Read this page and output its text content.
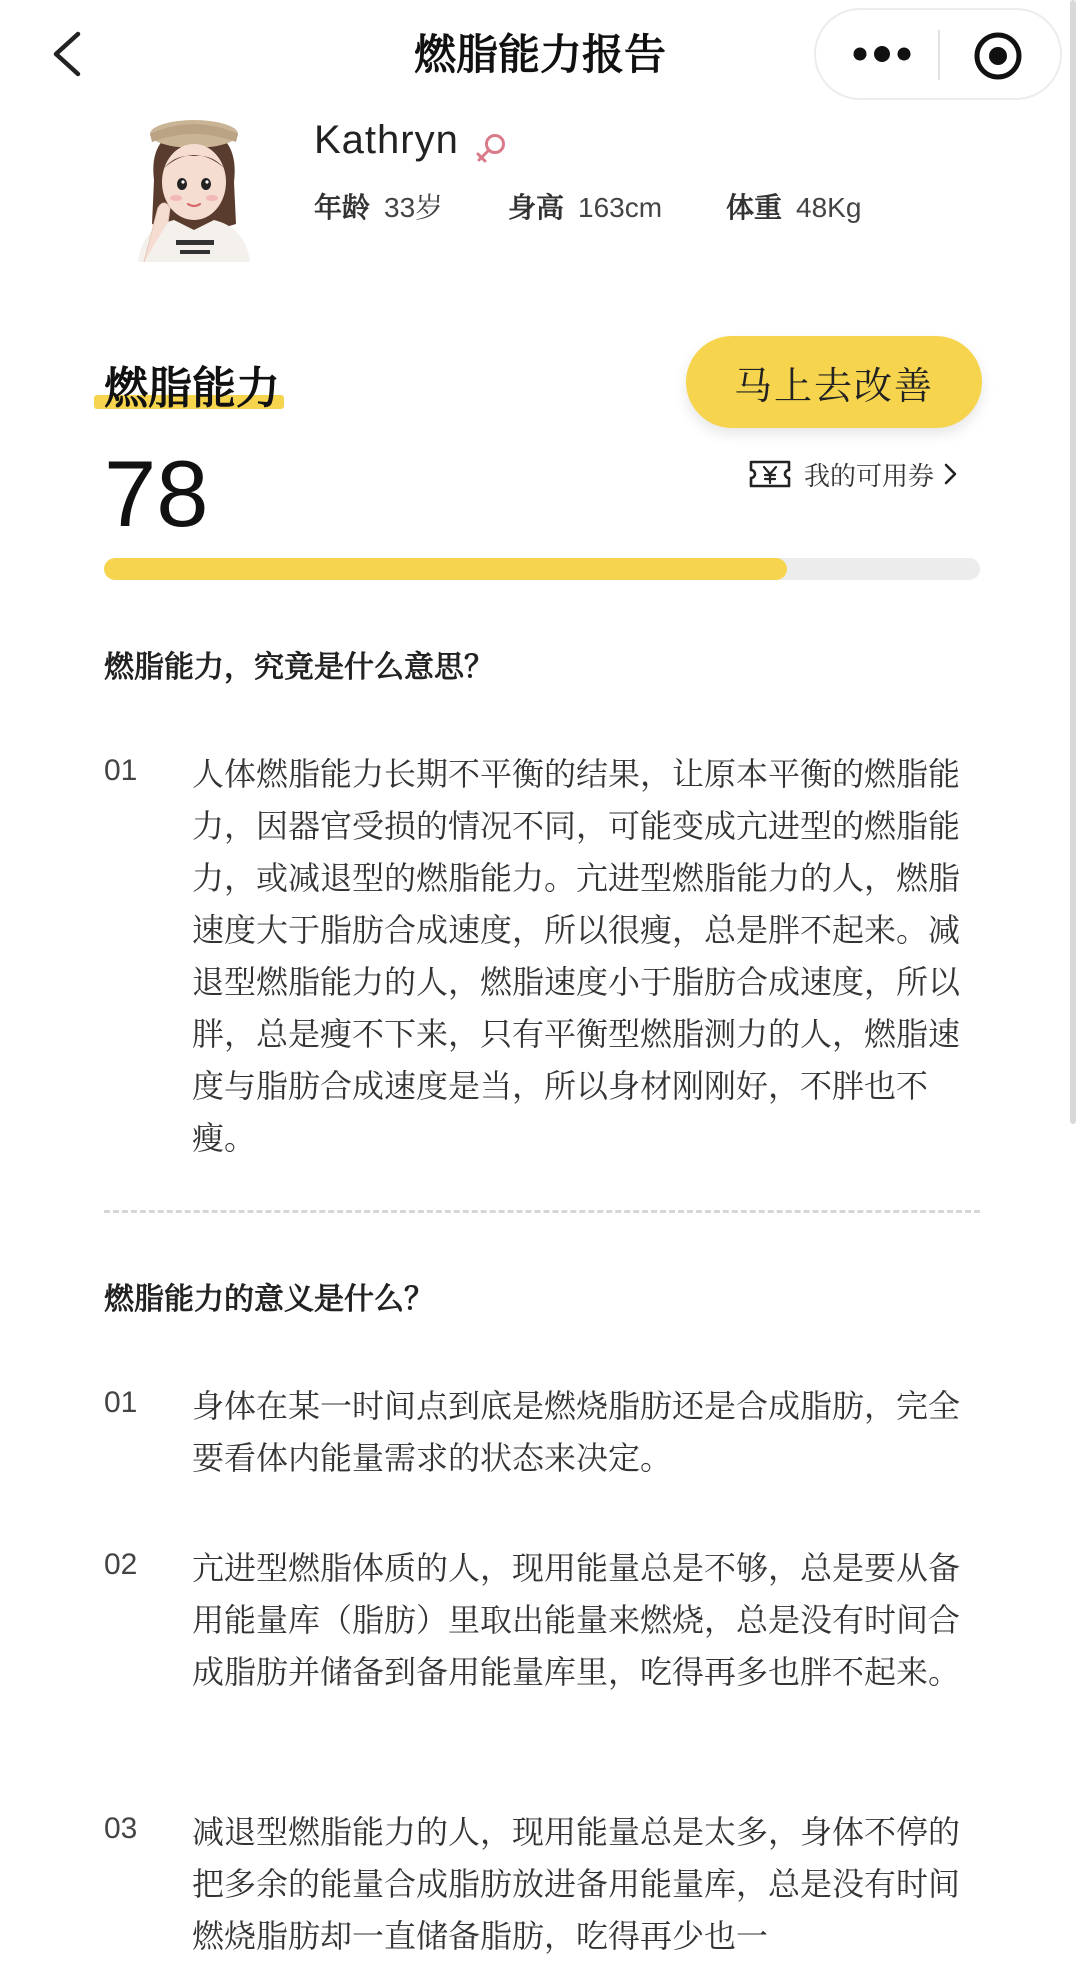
燃脂能力报告
Kathryn
年龄 33岁 身高 163cm 体重 48Kg
燃脂能力	马上去改善
78	我的可用券
燃脂能力，究竟是什么意思？
01 人体燃脂能力长期不平衡的结果，让原本平衡的燃脂能力，因器官受损的情况不同，可能变成亢进型的燃脂能力，或减退型的燃脂能力。亢进型燃脂能力的人，燃脂速度大于脂肪合成速度，所以很瘦，总是胖不起来。减退型燃脂能力的人，燃脂速度小于脂肪合成速度，所以胖，总是瘦不下来，只有平衡型燃脂测力的人，燃脂速度与脂肪合成速度是当，所以身材刚刚好，不胖也不瘦。
燃脂能力的意义是什么？
01 身体在某一时间点到底是燃烧脂肪还是合成脂肪，完全要看体内能量需求的状态来决定。
02 亢进型燃脂体质的人，现用能量总是不够，总是要从备用能量库（脂肪）里取出能量来燃烧，总是没有时间合成脂肪并储备到备用能量库里，吃得再多也胖不起来。
03 减退型燃脂能力的人，现用能量总是太多，身体不停的把多余的能量合成脂肪放进备用能量库，总是没有时间燃烧脂肪却一直储备脂肪，吃得再少也一
